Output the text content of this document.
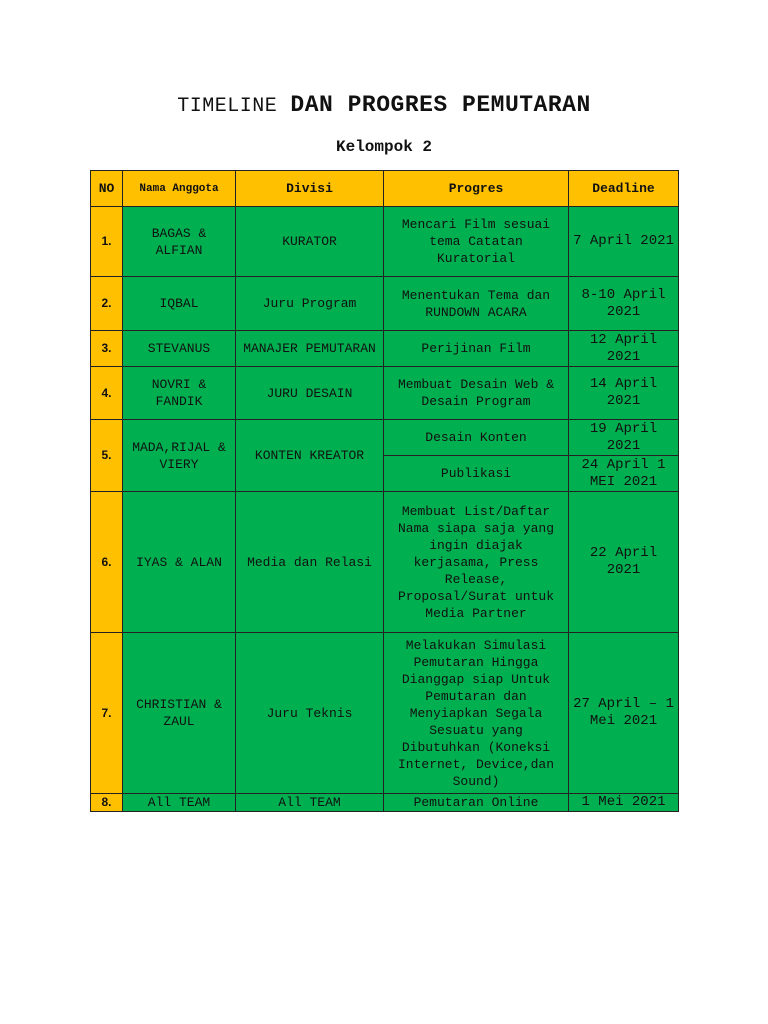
TIMELINE DAN PROGRES PEMUTARAN
Kelompok 2
NO	Nama Anggota	Divisi	Progres	Deadline
1.	BAGAS & ALFIAN	KURATOR	Mencari Film sesuai tema Catatan Kuratorial	7 April 2021
2.	IQBAL	Juru Program	Menentukan Tema dan RUNDOWN ACARA	8-10 April 2021
3.	STEVANUS	MANAJER PEMUTARAN	Perijinan Film	12 April 2021
4.	NOVRI & FANDIK	JURU DESAIN	Membuat Desain Web & Desain Program	14 April 2021
5.	MADA,RIJAL & VIERY	KONTEN KREATOR	Desain Konten	19 April 2021
			Publikasi	24 April 1 MEI 2021
6.	IYAS & ALAN	Media dan Relasi	Membuat List/Daftar Nama siapa saja yang ingin diajak kerjasama, Press Release, Proposal/Surat untuk Media Partner	22 April 2021
7.	CHRISTIAN & ZAUL	Juru Teknis	Melakukan Simulasi Pemutaran Hingga Dianggap siap Untuk Pemutaran dan Menyiapkan Segala Sesuatu yang Dibutuhkan (Koneksi Internet, Device,dan Sound)	27 April – 1 Mei 2021
8.	All TEAM	All TEAM	Pemutaran Online	1 Mei 2021
